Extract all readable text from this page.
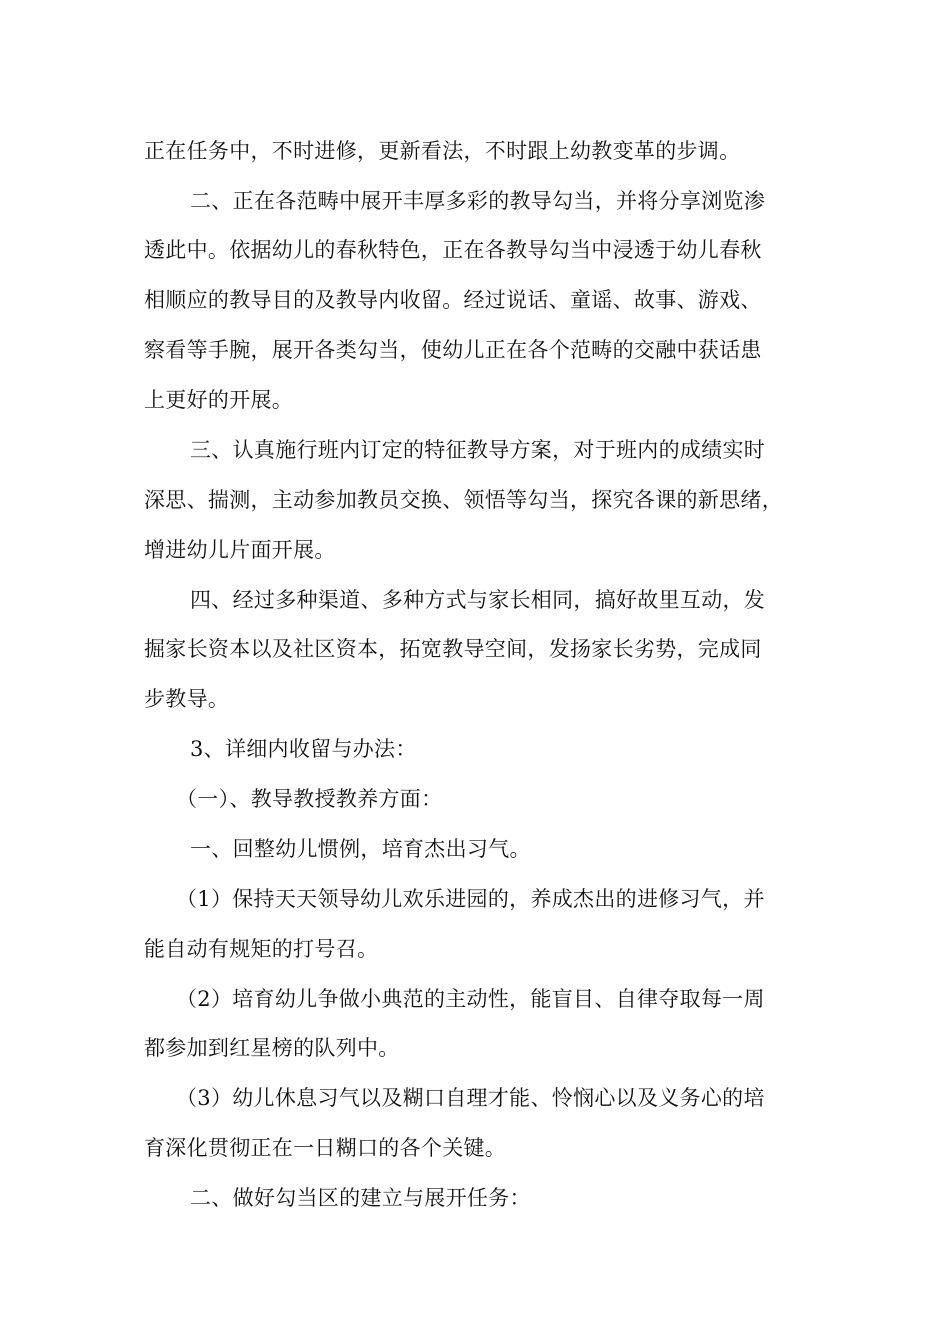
正在任务中，不时进修，更新看法，不时跟上幼教变革的步调。
二、正在各范畴中展开丰厚多彩的教导勾当，并将分享浏览渗
透此中。依据幼儿的春秋特色，正在各教导勾当中浸透于幼儿春秋
相顺应的教导目的及教导内收留。经过说话、童谣、故事、游戏、
察看等手腕，展开各类勾当，使幼儿正在各个范畴的交融中获话患
上更好的开展。
三、认真施行班内订定的特征教导方案，对于班内的成绩实时
深思、揣测，主动参加教员交换、领悟等勾当，探究各课的新思绪，
增进幼儿片面开展。
四、经过多种渠道、多种方式与家长相同，搞好故里互动，发
掘家长资本以及社区资本，拓宽教导空间，发扬家长劣势，完成同
步教导。
3、详细内收留与办法：
（一）、教导教授教养方面：
一、回整幼儿惯例，培育杰出习气。
（1）保持天天领导幼儿欢乐进园的，养成杰出的进修习气，并
能自动有规矩的打号召。
（2）培育幼儿争做小典范的主动性，能盲目、自律夺取每一周
都参加到红星榜的队列中。
（3）幼儿休息习气以及糊口自理才能、怜悯心以及义务心的培
育深化贯彻正在一日糊口的各个关键。
二、做好勾当区的建立与展开任务：
